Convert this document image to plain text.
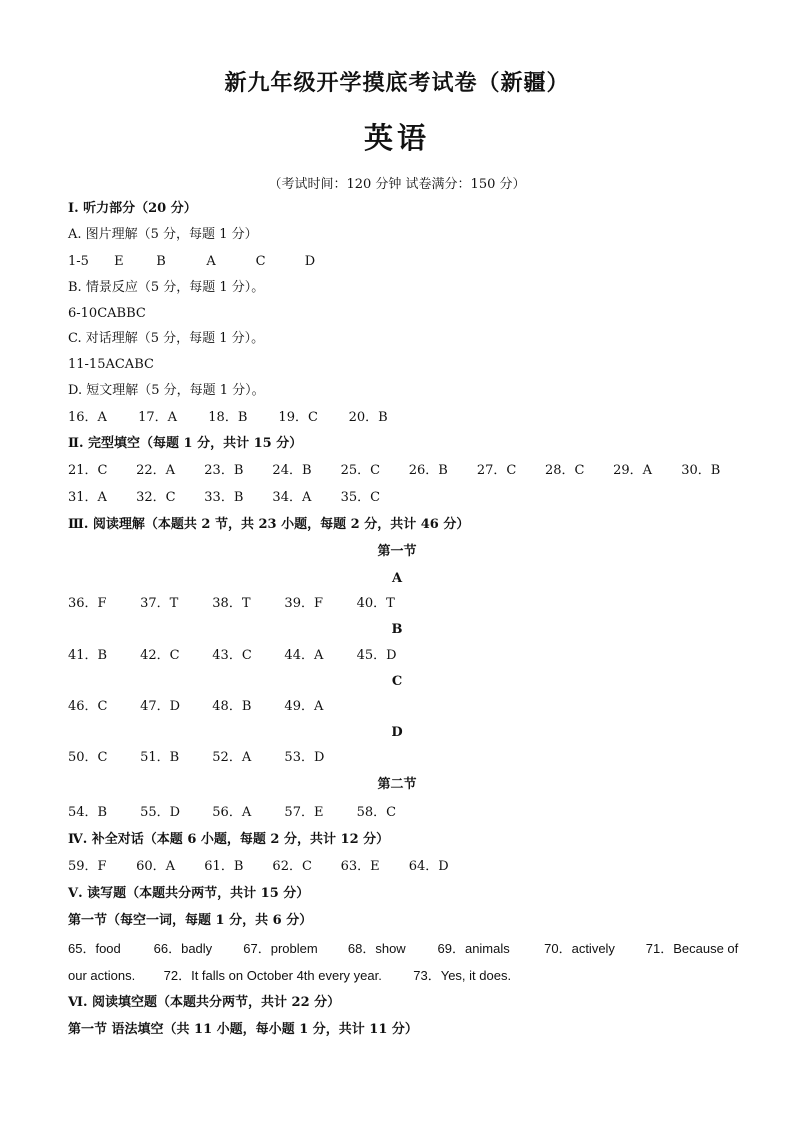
新九年级开学摸底考试卷（新疆）
英语
（考试时间：120 分钟 试卷满分：150 分）
Ⅰ. 听力部分（20 分）
A. 图片理解（5 分，每题 1 分）
1-5 E	B	A	C	D
B. 情景反应（5 分，每题 1 分）。
6-10CABBC
C. 对话理解（5 分，每题 1 分）。
11-15ACABC
D. 短文理解（5 分，每题 1 分）。
16．A 17．A 18．B 19．C 20．B
Ⅱ. 完型填空（每题 1 分，共计 15 分）
21．C 22．A 23．B 24．B 25．C 26．B 27．C 28．C 29．A 30．B
31．A 32．C 33．B 34．A 35．C
Ⅲ. 阅读理解（本题共 2 节，共 23 小题，每题 2 分，共计 46 分）
第一节
A
36．F	37．T	38．T	39．F	40．T
B
41．B	42．C	43．C	44．A	45．D
C
46．C	47．D 48．B	49．A
D
50．C	51．B	52．A	53．D
第二节
54．B	55．D 56．A	57．E	58．C
Ⅳ. 补全对话（本题 6 小题，每题 2 分，共计 12 分）
59．F 60．A 61．B 62．C 63．E 64．D
Ⅴ. 读写题（本题共分两节，共计 15 分）
第一节（每空一词，每题 1 分，共 6 分）
65．food	66．badly 67．problem 68．show 69．animals	70．actively 71．Because of
our actions. 72．It falls on October 4th every year. 73．Yes, it does.
Ⅵ. 阅读填空题（本题共分两节，共计 22 分）
第一节 语法填空（共 11 小题，每小题 1 分，共计 11 分）
